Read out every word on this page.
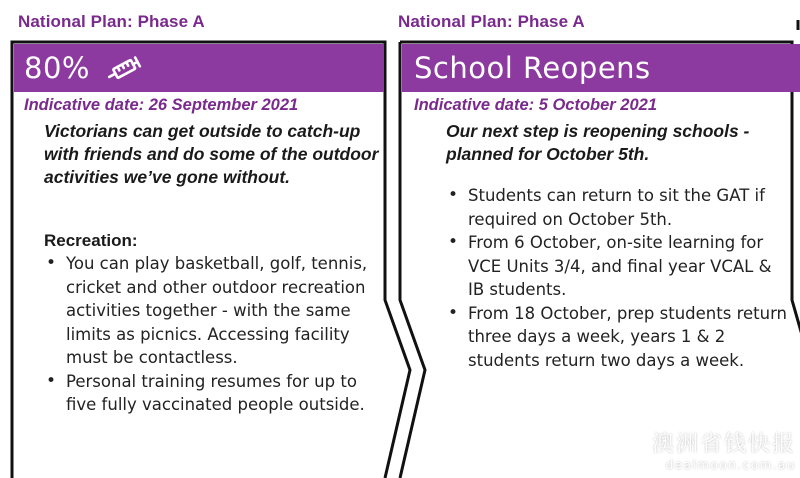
National Plan: Phase A
80%
Indicative date: 26 September 2021
Victorians can get outside to catch-up with friends and do some of the outdoor activities we’ve gone without.
Recreation:
• You can play basketball, golf, tennis, cricket and other outdoor recreation activities together - with the same limits as picnics. Accessing facility must be contactless.
• Personal training resumes for up to five fully vaccinated people outside.
National Plan: Phase A
School Reopens
Indicative date: 5 October 2021
Our next step is reopening schools - planned for October 5th.
• Students can return to sit the GAT if required on October 5th.
• From 6 October, on-site learning for VCE Units 3/4, and final year VCAL & IB students.
• From 18 October, prep students return three days a week, years 1 & 2 students return two days a week.
澳洲省钱快报
dealmoon.com.au
